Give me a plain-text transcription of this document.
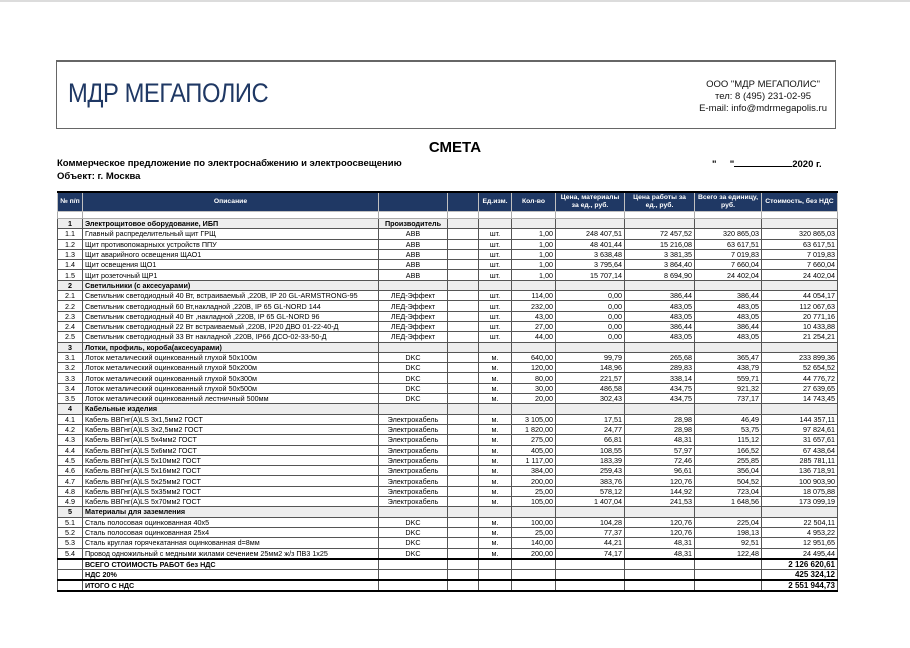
МДР МЕГАПОЛИС	ООО "МДР МЕГАПОЛИС"
тел: 8 (495) 231-02-95
E-mail: info@mdrmegapolis.ru
СМЕТА
Коммерческое предложение по электроснабжению и электроосвещению
Объект: г. Москва
"     "	2020 г.
№ п/п	Описание			Ед.изм.	Кол-во	Цена, материалы за ед., руб.	Цена работы за ед., руб.	Всего за единицу, руб.	Стоимость, без НДС

1	Электрощитовое оборудование, ИБП	Производитель							
1.1	Главный распределительный щит ГРЩ	ABB		шт.	1,00	248 407,51	72 457,52	320 865,03	320 865,03
1.2	Щит противопожарныхх устройств ППУ	ABB		шт.	1,00	48 401,44	15 216,08	63 617,51	63 617,51
1.3	Щит аварийного освещения ЩАО1	ABB		шт.	1,00	3 638,48	3 381,35	7 019,83	7 019,83
1.4	Щит освещения ЩО1	ABB		шт.	1,00	3 795,64	3 864,40	7 660,04	7 660,04
1.5	Щит розеточный ЩР1	ABB		шт.	1,00	15 707,14	8 694,90	24 402,04	24 402,04
2	Светильники (с аксесуарами)								
2.1	Светильник светодиодный 40 Вт, встраиваемый ,220В, IP 20 GL-ARMSTRONG-95	ЛЕД-Эффект		шт.	114,00	0,00	386,44	386,44	44 054,17
2.2	Светильник светодиодный 60 Вт,накладной ,220В, IP 65 GL-NORD 144	ЛЕД-Эффект		шт.	232,00	0,00	483,05	483,05	112 067,63
2.3	Светильник светодиодный 40 Вт ,накладной ,220В, IP 65 GL-NORD 96	ЛЕД-Эффект		шт.	43,00	0,00	483,05	483,05	20 771,16
2.4	Светильник светодиодный 22 Вт встраиваемый ,220В, IP20 ДВО 01-22-40-Д	ЛЕД-Эффект		шт.	27,00	0,00	386,44	386,44	10 433,88
2.5	Светильник светодиодный 33 Вт накладной ,220В, IP66 ДСО-02-33-50-Д	ЛЕД-Эффект		шт.	44,00	0,00	483,05	483,05	21 254,21
3	Лотки, профиль, короба(аксесуарами)								
3.1	Лоток металический оцинкованный глухой 50х100м	DKC		м.	640,00	99,79	265,68	365,47	233 899,36
3.2	Лоток металический оцинкованный глухой 50х200м	DKC		м.	120,00	148,96	289,83	438,79	52 654,52
3.3	Лоток металический оцинкованный глухой 50х300м	DKC		м.	80,00	221,57	338,14	559,71	44 776,72
3.4	Лоток металический оцинкованный глухой 50х500м	DKC		м.	30,00	486,58	434,75	921,32	27 639,65
3.5	Лоток металический оцинкованный лестничный 500мм	DKC		м.	20,00	302,43	434,75	737,17	14 743,45
4	Кабельные изделия								
4.1	Кабель ВВГнг(А)LS 3х1,5мм2 ГОСТ	Электрокабель		м.	3 105,00	17,51	28,98	46,49	144 357,11
4.2	Кабель ВВГнг(А)LS 3х2,5мм2 ГОСТ	Электрокабель		м.	1 820,00	24,77	28,98	53,75	97 824,61
4.3	Кабель ВВГнг(А)LS 5х4мм2 ГОСТ	Электрокабель		м.	275,00	66,81	48,31	115,12	31 657,61
4.4	Кабель ВВГнг(А)LS 5х6мм2 ГОСТ	Электрокабель		м.	405,00	108,55	57,97	166,52	67 438,64
4.5	Кабель ВВГнг(А)LS 5х10мм2 ГОСТ	Электрокабель		м.	1 117,00	183,39	72,46	255,85	285 781,11
4.6	Кабель ВВГнг(А)LS 5х16мм2 ГОСТ	Электрокабель		м.	384,00	259,43	96,61	356,04	136 718,91
4.7	Кабель ВВГнг(А)LS 5х25мм2 ГОСТ	Электрокабель		м.	200,00	383,76	120,76	504,52	100 903,90
4.8	Кабель ВВГнг(А)LS 5х35мм2 ГОСТ	Электрокабель		м.	25,00	578,12	144,92	723,04	18 075,88
4.9	Кабель ВВГнг(А)LS 5х70мм2 ГОСТ	Электрокабель		м.	105,00	1 407,04	241,53	1 648,56	173 099,19
5	Материалы для заземления								
5.1	Сталь полосовая оцинкованная 40х5	DKC		м.	100,00	104,28	120,76	225,04	22 504,11
5.2	Сталь полосовая оцинкованная 25х4	DKC		м.	25,00	77,37	120,76	198,13	4 953,22
5.3	Сталь круглая горячекатанная оцинкованная d=8мм	DKC		м.	140,00	44,21	48,31	92,51	12 951,65
5.4	Провод одножильный с медными жилами сечением 25мм2 ж/з ПВ3 1х25	DKC		м.	200,00	74,17	48,31	122,48	24 495,44
	ВСЕГО СТОИМОСТЬ РАБОТ без НДС								2 126 620,61
	НДС 20%								425 324,12
	ИТОГО С НДС								2 551 944,73
